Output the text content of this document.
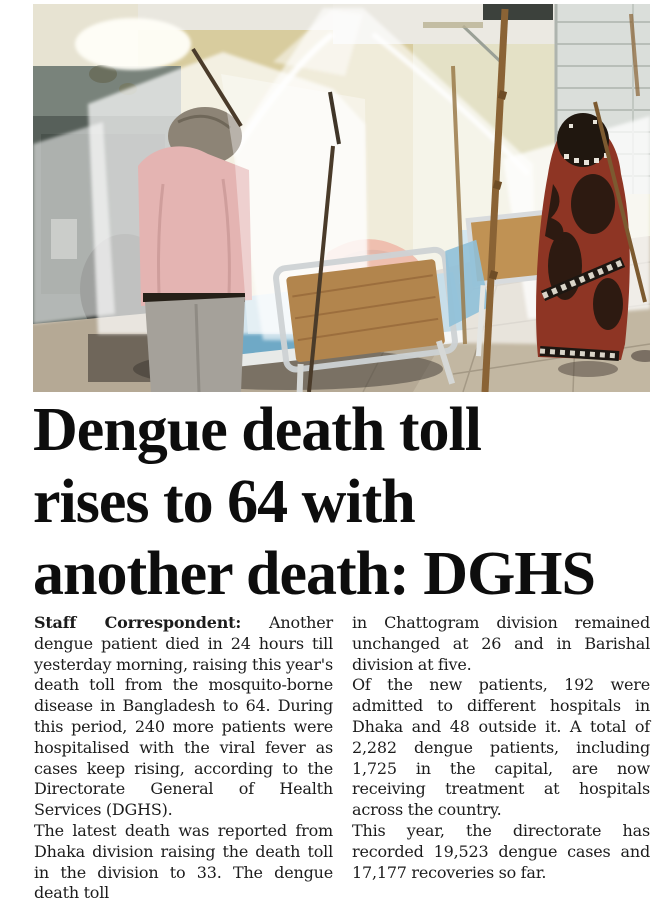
Dengue death toll
rises to 64 with
another death: DGHS

Staff Correspondent: Another dengue patient died in 24 hours till yesterday morning, raising this year's death toll from the mosquito-borne disease in Bangladesh to 64. During this period, 240 more patients were hospitalised with the viral fever as cases keep rising, according to the Directorate General of Health Services (DGHS).

The latest death was reported from Dhaka division raising the death toll in the division to 33. The dengue death toll

in Chattogram division remained unchanged at 26 and in Barishal division at five.

Of the new patients, 192 were admitted to different hospitals in Dhaka and 48 outside it. A total of 2,282 dengue patients, including 1,725 in the capital, are now receiving treatment at hospitals across the country.

This year, the directorate has recorded 19,523 dengue cases and 17,177 recoveries so far.
